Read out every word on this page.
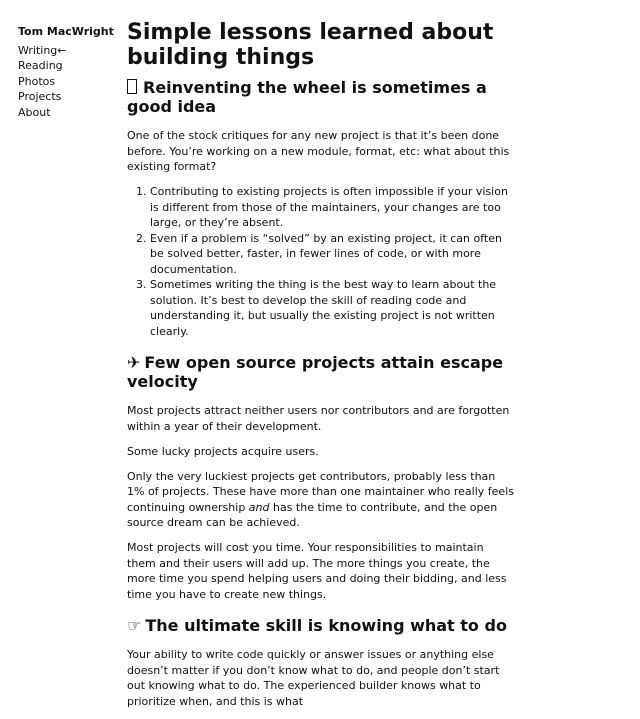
Tom MacWright
Writing←
Reading
Photos
Projects
About
Simple lessons learned about building things
Reinventing the wheel is sometimes a good idea

One of the stock critiques for any new project is that it’s been done before. You’re working on a new module, format, etc: what about this existing format?

1. Contributing to existing projects is often impossible if your vision is different from those of the maintainers, your changes are too large, or they’re absent.
2. Even if a problem is “solved” by an existing project, it can often be solved better, faster, in fewer lines of code, or with more documentation.
3. Sometimes writing the thing is the best way to learn about the solution. It’s best to develop the skill of reading code and understanding it, but usually the existing project is not written clearly.
✈ Few open source projects attain escape velocity

Most projects attract neither users nor contributors and are forgotten within a year of their development.

Some lucky projects acquire users.

Only the very luckiest projects get contributors, probably less than 1% of projects. These have more than one maintainer who really feels continuing ownership and has the time to contribute, and the open source dream can be achieved.

Most projects will cost you time. Your responsibilities to maintain them and their users will add up. The more things you create, the more time you spend helping users and doing their bidding, and less time you have to create new things.

☞ The ultimate skill is knowing what to do

Your ability to write code quickly or answer issues or anything else doesn’t matter if you don’t know what to do, and people don’t start out knowing what to do. The experienced builder knows what to prioritize when, and this is what
